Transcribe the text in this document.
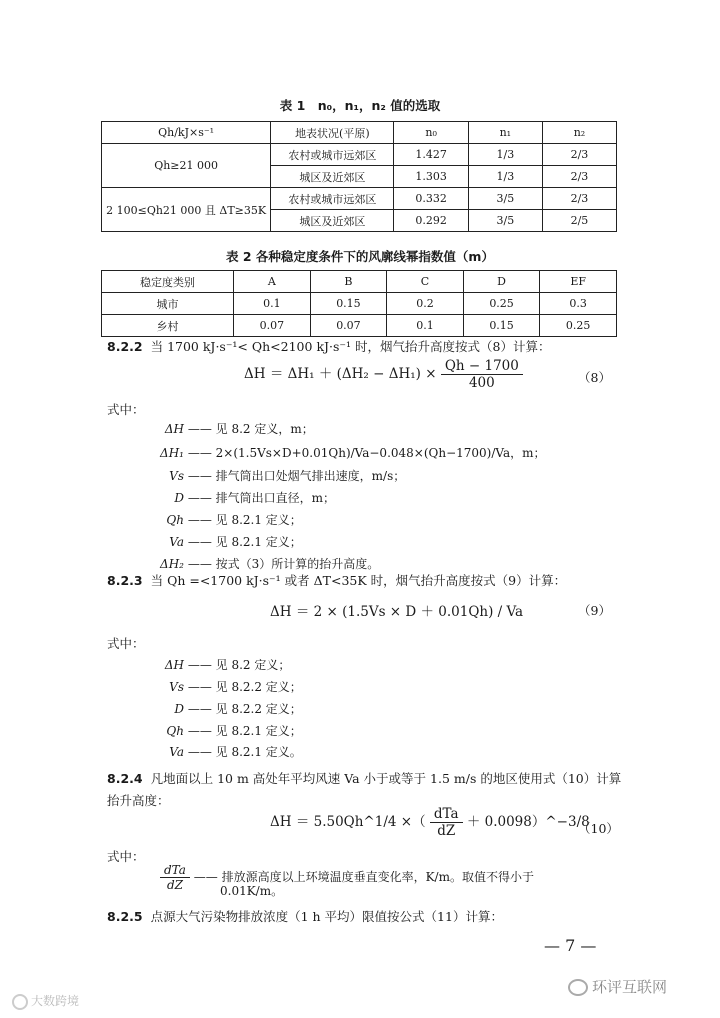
表 1　n₀，n₁，n₂ 值的选取
Qh/kJ×s⁻¹	地表状况(平原)	n₀	n₁	n₂
Qh≥21 000	农村或城市远郊区	1.427	1/3	2/3
	城区及近郊区	1.303	1/3	2/3
2 100≤Qh21 000 且 ΔT≥35K	农村或城市远郊区	0.332	3/5	2/3
	城区及近郊区	0.292	3/5	2/5
表 2 各种稳定度条件下的风廓线幂指数值（m）
稳定度类别	A	B	C	D	EF
城市	0.1	0.15	0.2	0.25	0.3
乡村	0.07	0.07	0.1	0.15	0.25
8.2.2 当 1700 kJ·s⁻¹< Qh<2100 kJ·s⁻¹ 时，烟气抬升高度按式（8）计算：
$\Delta H = \Delta H_1 + (\Delta H_2 - \Delta H_1) \times \frac{Qh - 1700}{400}$	（8）
式中：
ΔH —— 见 8.2 定义，m；
ΔH₁ —— 2×(1.5Vs×D+0.01Qh)/Va−0.048×(Qh−1700)/Va，m；
Vs —— 排气筒出口处烟气排出速度，m/s；
D —— 排气筒出口直径，m；
Qh —— 见 8.2.1 定义；
Va —— 见 8.2.1 定义；
ΔH₂ —— 按式（3）所计算的抬升高度。
8.2.3 当 Qh =<1700 kJ·s⁻¹ 或者 ΔT<35K 时，烟气抬升高度按式（9）计算：
ΔH ＝ 2 × (1.5Vs × D ＋ 0.01Qh) / Va	（9）
式中：
ΔH —— 见 8.2 定义；
Vs —— 见 8.2.2 定义；
D —— 见 8.2.2 定义；
Qh —— 见 8.2.1 定义；
Va —— 见 8.2.1 定义。
8.2.4 凡地面以上 10 m 高处年平均风速 Va 小于或等于 1.5 m/s 的地区使用式（10）计算
抬升高度：
ΔH ＝ 5.50Qh^1/4 ×（ $\frac{\text{dTa}}{dZ}$ ＋ 0.0098）^−3/8
（10）
式中：
$\frac{\text{dTa}}{dZ}$ —— 排放源高度以上环境温度垂直变化率，K/m。取值不得小于
0.01K/m。
8.2.5 点源大气污染物排放浓度（1 h 平均）限值按公式（11）计算：
— 7 —
环评互联网
大数跨境
